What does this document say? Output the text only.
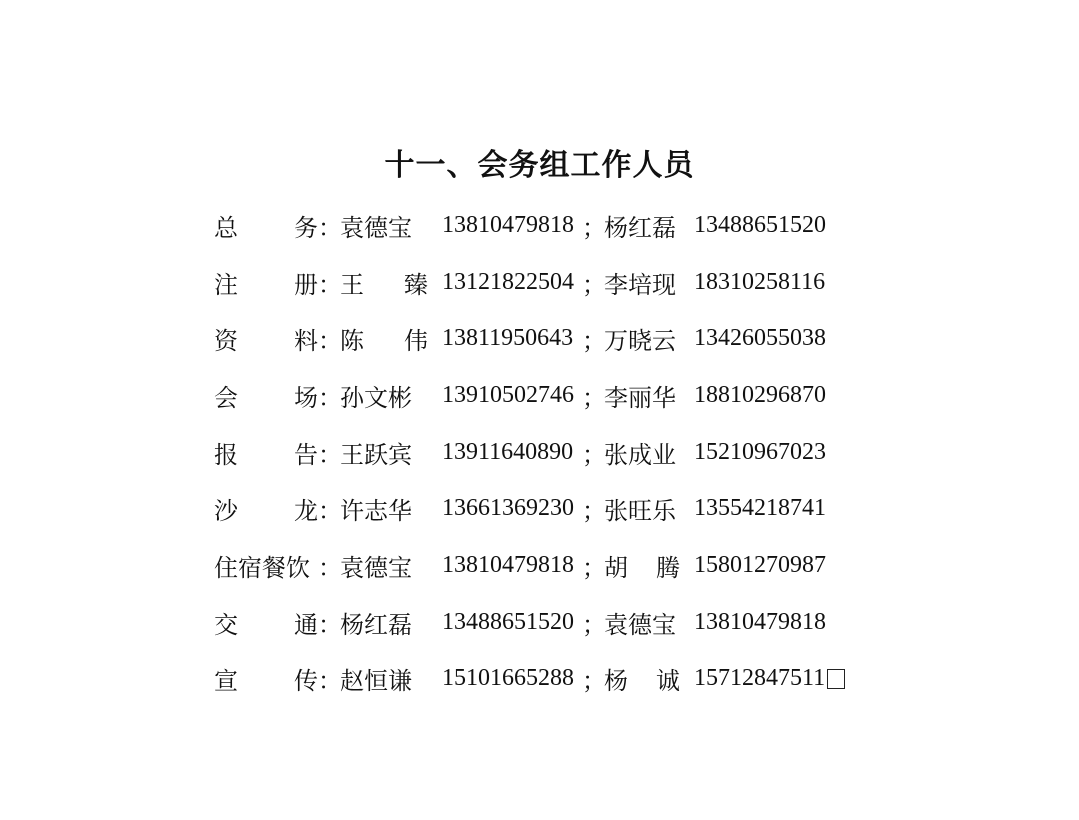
十一、会务组工作人员
总 务 ：
袁德宝 13810479818 ；
杨红磊 13488651520
注 册 ：
王 臻 13121822504 ；
李培现 18310258116
资 料 ：
陈 伟 13811950643 ；
万晓云 13426055038
会 场 ：
孙文彬 13910502746 ；
李丽华 18810296870
报 告 ：
王跃宾 13911640890 ；
张成业 15210967023
沙 龙 ：
许志华 13661369230 ；
张旺乐 13554218741
住宿餐饮 ：
袁德宝 13810479818 ；
胡 腾 15801270987
交 通 ：
杨红磊 13488651520 ；
袁德宝 13810479818
宣 传 ：
赵恒谦 15101665288 ；
杨 诚 15712847511
